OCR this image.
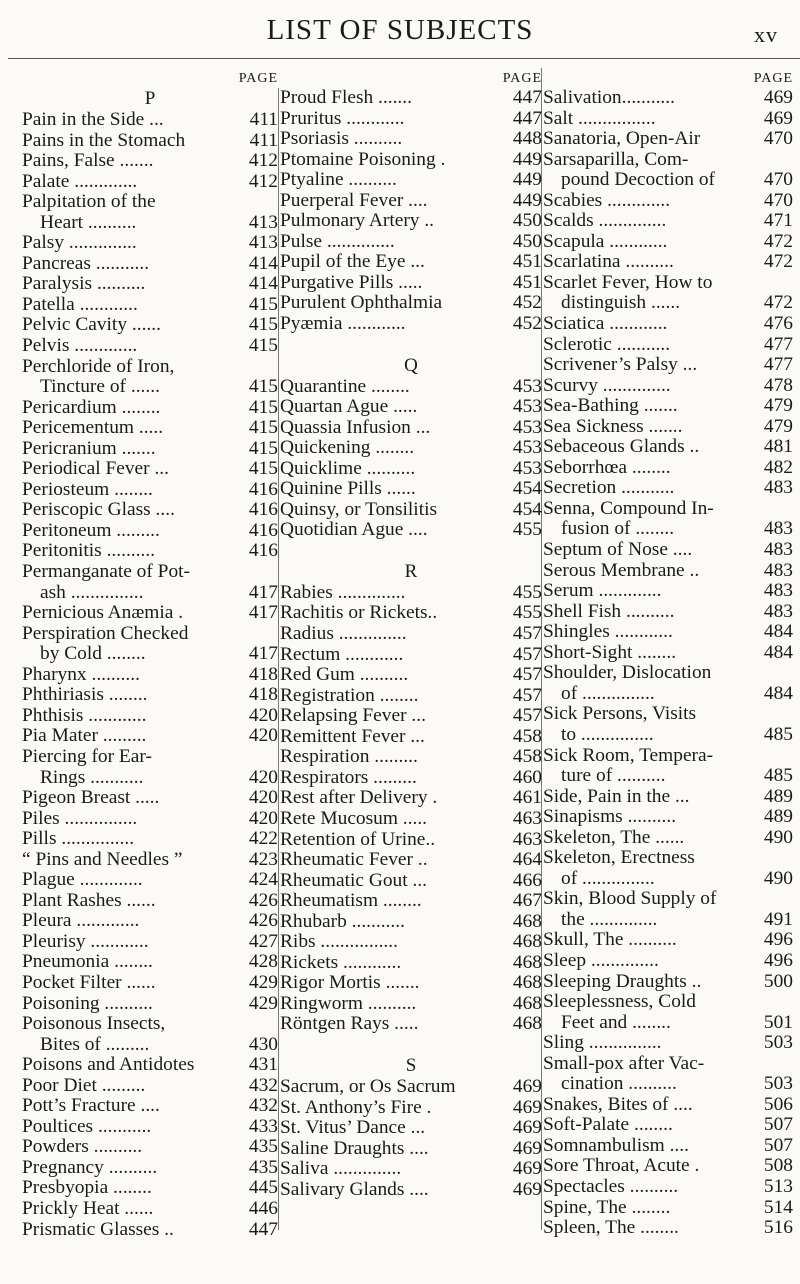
LIST OF SUBJECTS	xv
PAGE
P
Pain in the Side ...	411
Pains in the Stomach	411
Pains, False .......	412
Palate .............	412
Palpitation of the
Heart ..........	413
Palsy ..............	413
Pancreas ...........	414
Paralysis ..........	414
Patella ............	415
Pelvic Cavity ......	415
Pelvis .............	415
Perchloride of Iron,
Tincture of ......	415
Pericardium ........	415
Pericementum .....	415
Pericranium .......	415
Periodical Fever ...	415
Periosteum ........	416
Periscopic Glass ....	416
Peritoneum .........	416
Peritonitis ..........	416
Permanganate of Pot-
ash ...............	417
Pernicious Anæmia .	417
Perspiration Checked
by Cold ........	417
Pharynx ..........	418
Phthiriasis ........	418
Phthisis ............	420
Pia Mater .........	420
Piercing for Ear-
Rings ...........	420
Pigeon Breast .....	420
Piles ...............	420
Pills ...............	422
“ Pins and Needles ”	423
Plague .............	424
Plant Rashes ......	426
Pleura .............	426
Pleurisy ............	427
Pneumonia ........	428
Pocket Filter ......	429
Poisoning ..........	429
Poisonous Insects,
Bites of .........	430
Poisons and Antidotes	431
Poor Diet .........	432
Pott’s Fracture ....	432
Poultices ...........	433
Powders ..........	435
Pregnancy ..........	435
Presbyopia ........	445
Prickly Heat ......	446
Prismatic Glasses ..	447
PAGE
Proud Flesh .......	447
Pruritus ............	447
Psoriasis ..........	448
Ptomaine Poisoning .	449
Ptyaline ..........	449
Puerperal Fever ....	449
Pulmonary Artery ..	450
Pulse ..............	450
Pupil of the Eye ...	451
Purgative Pills .....	451
Purulent Ophthalmia	452
Pyæmia ............	452
Q
Quarantine ........	453
Quartan Ague .....	453
Quassia Infusion ...	453
Quickening ........	453
Quicklime ..........	453
Quinine Pills ......	454
Quinsy, or Tonsilitis	454
Quotidian Ague ....	455
R
Rabies ..............	455
Rachitis or Rickets..	455
Radius ..............	457
Rectum ............	457
Red Gum ..........	457
Registration ........	457
Relapsing Fever ...	457
Remittent Fever ...	458
Respiration .........	458
Respirators .........	460
Rest after Delivery .	461
Rete Mucosum .....	463
Retention of Urine..	463
Rheumatic Fever ..	464
Rheumatic Gout ...	466
Rheumatism ........	467
Rhubarb ...........	468
Ribs ................	468
Rickets ............	468
Rigor Mortis .......	468
Ringworm ..........	468
Röntgen Rays .....	468
S
Sacrum, or Os Sacrum	469
St. Anthony’s Fire .	469
St. Vitus’ Dance ...	469
Saline Draughts ....	469
Saliva ..............	469
Salivary Glands ....	469
PAGE
Salivation...........	469
Salt ................	469
Sanatoria, Open-Air	470
Sarsaparilla, Com-
pound Decoction of	470
Scabies .............	470
Scalds ..............	471
Scapula ............	472
Scarlatina ..........	472
Scarlet Fever, How to
distinguish ......	472
Sciatica ............	476
Sclerotic ...........	477
Scrivener’s Palsy ...	477
Scurvy ..............	478
Sea-Bathing .......	479
Sea Sickness .......	479
Sebaceous Glands ..	481
Seborrhœa ........	482
Secretion ...........	483
Senna, Compound In-
fusion of ........	483
Septum of Nose ....	483
Serous Membrane ..	483
Serum .............	483
Shell Fish ..........	483
Shingles ............	484
Short-Sight ........	484
Shoulder, Dislocation
of ...............	484
Sick Persons, Visits
to ...............	485
Sick Room, Tempera-
ture of ..........	485
Side, Pain in the ...	489
Sinapisms ..........	489
Skeleton, The ......	490
Skeleton, Erectness
of ...............	490
Skin, Blood Supply of
the ..............	491
Skull, The ..........	496
Sleep ..............	496
Sleeping Draughts ..	500
Sleeplessness, Cold
Feet and ........	501
Sling ...............	503
Small-pox after Vac-
cination ..........	503
Snakes, Bites of ....	506
Soft-Palate ........	507
Somnambulism ....	507
Sore Throat, Acute .	508
Spectacles ..........	513
Spine, The ........	514
Spleen, The ........	516
